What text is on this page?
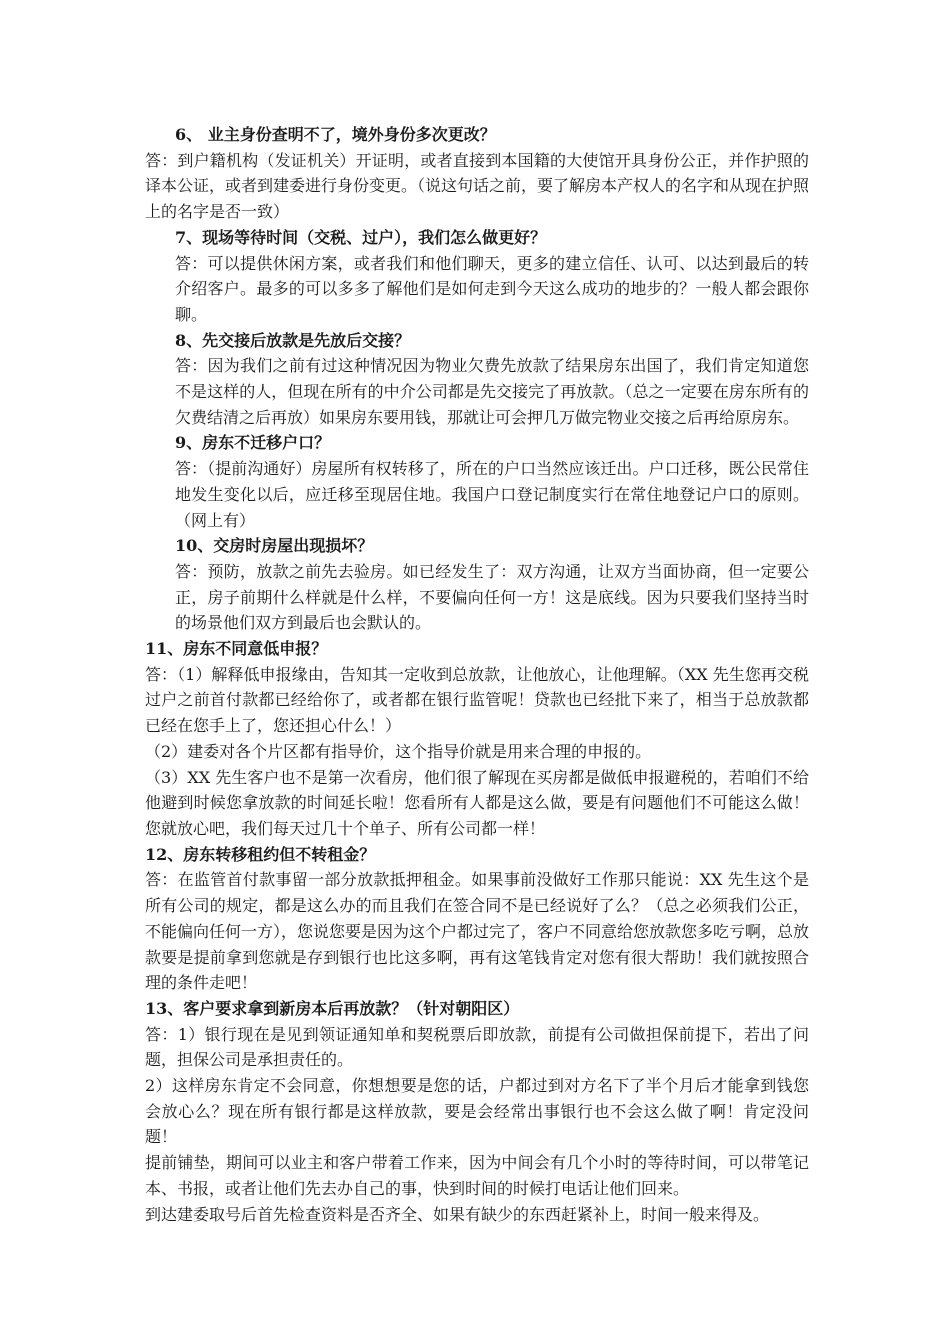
6、 业主身份查明不了，境外身份多次更改？

答：到户籍机构（发证机关）开证明，或者直接到本国籍的大使馆开具身份公正，并作护照的译本公证，或者到建委进行身份变更。（说这句话之前，要了解房本产权人的名字和从现在护照上的名字是否一致）

7、现场等待时间（交税、过户），我们怎么做更好？

答：可以提供休闲方案，或者我们和他们聊天，更多的建立信任、认可、以达到最后的转介绍客户。最多的可以多多了解他们是如何走到今天这么成功的地步的？一般人都会跟你聊。

8、先交接后放款是先放后交接？

答：因为我们之前有过这种情况因为物业欠费先放款了结果房东出国了，我们肯定知道您不是这样的人，但现在所有的中介公司都是先交接完了再放款。（总之一定要在房东所有的欠费结清之后再放）如果房东要用钱，那就让可会押几万做完物业交接之后再给原房东。

9、房东不迁移户口？

答：（提前沟通好）房屋所有权转移了，所在的户口当然应该迁出。户口迁移，既公民常住地发生变化以后，应迁移至现居住地。我国户口登记制度实行在常住地登记户口的原则。（网上有）

10、交房时房屋出现损坏？

答：预防，放款之前先去验房。如已经发生了：双方沟通，让双方当面协商，但一定要公正，房子前期什么样就是什么样，不要偏向任何一方！这是底线。因为只要我们坚持当时的场景他们双方到最后也会默认的。

11、房东不同意低申报？

答：（1）解释低申报缘由，告知其一定收到总放款，让他放心，让他理解。（XX 先生您再交税过户之前首付款都已经给你了，或者都在银行监管呢！贷款也已经批下来了，相当于总放款都已经在您手上了，您还担心什么！）

（2）建委对各个片区都有指导价，这个指导价就是用来合理的申报的。

（3）XX 先生客户也不是第一次看房，他们很了解现在买房都是做低申报避税的，若咱们不给他避到时候您拿放款的时间延长啦！您看所有人都是这么做，要是有问题他们不可能这么做！您就放心吧，我们每天过几十个单子、所有公司都一样！

12、房东转移租约但不转租金？

答：在监管首付款事留一部分放款抵押租金。如果事前没做好工作那只能说：XX 先生这个是所有公司的规定，都是这么办的而且我们在签合同不是已经说好了么？（总之必须我们公正，不能偏向任何一方），您说您要是因为这个户都过完了，客户不同意给您放款您多吃亏啊，总放款要是提前拿到您就是存到银行也比这多啊，再有这笔钱肯定对您有很大帮助！我们就按照合理的条件走吧！

13、客户要求拿到新房本后再放款？（针对朝阳区）

答：1）银行现在是见到领证通知单和契税票后即放款，前提有公司做担保前提下，若出了问题，担保公司是承担责任的。

2）这样房东肯定不会同意，你想想要是您的话，户都过到对方名下了半个月后才能拿到钱您会放心么？现在所有银行都是这样放款，要是会经常出事银行也不会这么做了啊！肯定没问题！

提前铺垫，期间可以业主和客户带着工作来，因为中间会有几个小时的等待时间，可以带笔记本、书报，或者让他们先去办自己的事，快到时间的时候打电话让他们回来。

到达建委取号后首先检查资料是否齐全、如果有缺少的东西赶紧补上，时间一般来得及。
